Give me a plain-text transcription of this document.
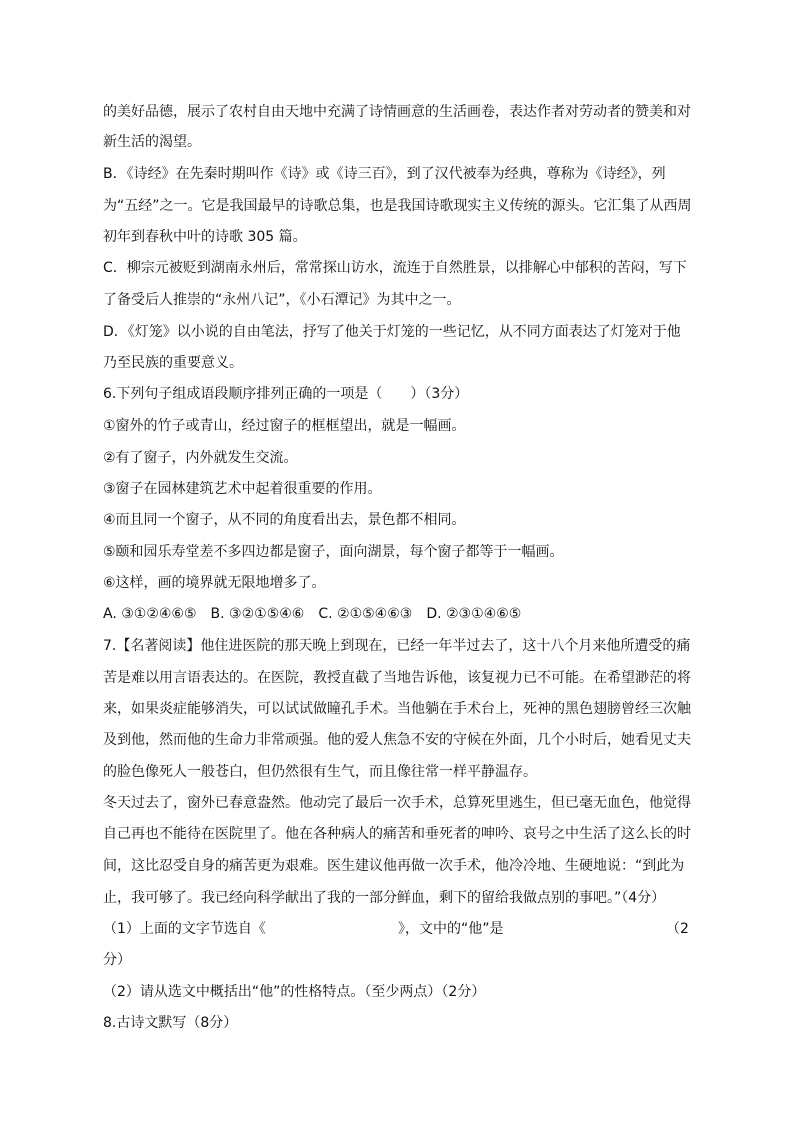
的美好品德，展示了农村自由天地中充满了诗情画意的生活画卷，表达作者对劳动者的赞美和对
新生活的渴望。
B．《诗经》在先秦时期叫作《诗》或《诗三百》，到了汉代被奉为经典，尊称为《诗经》，列
为“五经”之一。它是我国最早的诗歌总集，也是我国诗歌现实主义传统的源头。它汇集了从西周
初年到春秋中叶的诗歌 305 篇。
C．柳宗元被贬到湖南永州后，常常探山访水，流连于自然胜景，以排解心中郁积的苦闷，写下
了备受后人推崇的“永州八记”，《小石潭记》为其中之一。
D．《灯笼》以小说的自由笔法，抒写了他关于灯笼的一些记忆，从不同方面表达了灯笼对于他
乃至民族的重要意义。
6.下列句子组成语段顺序排列正确的一项是（　　）（3分）
①窗外的竹子或青山，经过窗子的框框望出，就是一幅画。
②有了窗子，内外就发生交流。
③窗子在园林建筑艺术中起着很重要的作用。
④而且同一个窗子，从不同的角度看出去，景色都不相同。
⑤颐和园乐寿堂差不多四边都是窗子，面向湖景，每个窗子都等于一幅画。
⑥这样，画的境界就无限地增多了。
A. ③①②④⑥⑤　B. ③②①⑤④⑥　C. ②①⑤④⑥③　D. ②③①④⑥⑤
7.【名著阅读】他住进医院的那天晚上到现在，已经一年半过去了，这十八个月来他所遭受的痛
苦是难以用言语表达的。在医院，教授直截了当地告诉他，该复视力已不可能。在希望渺茫的将
来，如果炎症能够消失，可以试试做瞳孔手术。当他躺在手术台上，死神的黑色翅膀曾经三次触
及到他，然而他的生命力非常顽强。他的爱人焦急不安的守候在外面，几个小时后，她看见丈夫
的脸色像死人一般苍白，但仍然很有生气，而且像往常一样平静温存。
冬天过去了，窗外已春意盎然。他动完了最后一次手术，总算死里逃生，但已毫无血色，他觉得
自己再也不能待在医院里了。他在各种病人的痛苦和垂死者的呻吟、哀号之中生活了这么长的时
间，这比忍受自身的痛苦更为艰难。医生建议他再做一次手术，他冷冷地、生硬地说：“到此为
止，我可够了。我已经向科学献出了我的一部分鲜血，剩下的留给我做点别的事吧。”（4分）
（1）上面的文字节选自《	》，文中的“他”是	（2
分）
（2）请从选文中概括出“他”的性格特点。（至少两点）（2分）
8.古诗文默写（8分）
